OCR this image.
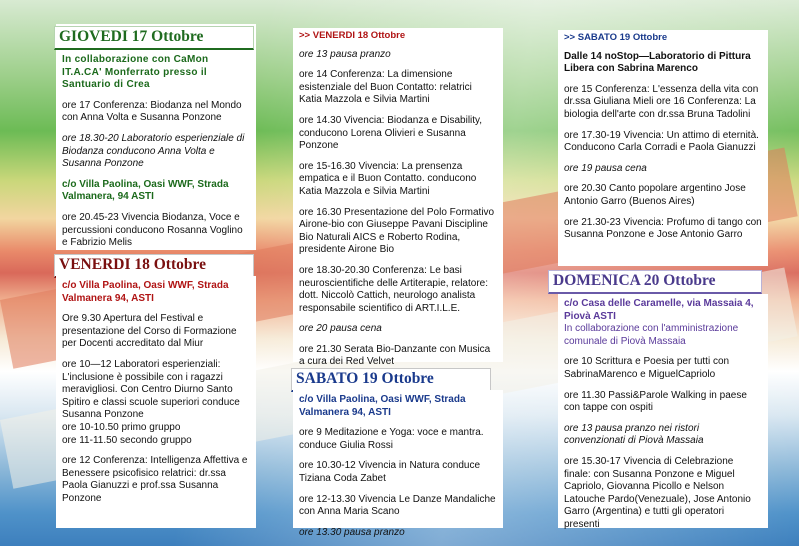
GIOVEDI 17 Ottobre
In collaborazione con CaMon IT.A.CA' Monferrato presso il Santuario di Crea
ore 17 Conferenza: Biodanza nel Mondo con Anna Volta e Susanna Ponzone
ore 18.30-20 Laboratorio esperienziale di Biodanza conducono Anna Volta e Susanna Ponzone
c/o Villa Paolina, Oasi WWF, Strada Valmanera, 94 ASTI
ore 20.45-23 Vivencia Biodanza, Voce e percussioni conducono Rosanna Voglino e Fabrizio Melis
VENERDI 18 Ottobre
c/o Villa Paolina, Oasi WWF, Strada Valmanera 94, ASTI
Ore 9.30 Apertura del Festival e presentazione del Corso di Formazione per Docenti accreditato dal Miur
ore 10—12 Laboratori esperienziali: L'inclusione è possibile con i ragazzi meravigliosi. Con Centro Diurno Santo Spitiro e classi scuole superiori conduce Susanna Ponzone
ore 10-10.50 primo gruppo
ore 11-11.50 secondo gruppo
ore 12 Conferenza: Intelligenza Affettiva e Benessere psicofisico relatrici: dr.ssa Paola Gianuzzi e prof.ssa Susanna Ponzone
>> VENERDI 18 Ottobre
ore 13 pausa pranzo
ore 14 Conferenza: La dimensione esistenziale del Buon Contatto: relatrici Katia Mazzola e Silvia Martini
ore 14.30 Vivencia: Biodanza e Disability, conducono Lorena Olivieri e Susanna Ponzone
ore 15-16.30 Vivencia: La prensenza empatica e il Buon Contatto. conducono Katia Mazzola e Silvia Martini
ore 16.30 Presentazione del Polo Formativo Airone-bio con Giuseppe Pavani Discipline Bio Naturali AICS e Roberto Rodina, presidente Airone Bio
ore 18.30-20.30 Conferenza: Le basi neuroscientifiche delle Artiterapie, relatore: dott. Niccolò Cattich, neurologo analista responsabile scientifico di ART.I.L.E.
ore 20 pausa cena
ore 21.30 Serata Bio-Danzante con Musica a cura dei Red Velvet
SABATO 19 Ottobre
c/o Villa Paolina, Oasi WWF, Strada Valmanera 94, ASTI
ore 9 Meditazione e Yoga: voce e mantra. conduce Giulia Rossi
ore 10.30-12 Vivencia in Natura conduce Tiziana Coda Zabet
ore 12-13.30 Vivencia Le Danze Mandaliche con Anna Maria Scano
ore 13.30 pausa pranzo
>> SABATO 19 Ottobre
Dalle 14 noStop—Laboratorio di Pittura Libera con Sabrina Marenco
ore 15 Conferenza: L'essenza della vita con dr.ssa Giuliana Mieli ore 16 Conferenza: La biologia dell'arte con dr.ssa Bruna Tadolini
ore 17.30-19 Vivencia: Un attimo di eternità. Conducono Carla Corradi e Paola Gianuzzi
ore 19 pausa cena
ore 20.30 Canto popolare argentino Jose Antonio Garro (Buenos Aires)
ore 21.30-23 Vivencia: Profumo di tango con Susanna Ponzone e Jose Antonio Garro
DOMENICA 20 Ottobre
c/o Casa delle Caramelle, via Massaia 4, Piovà ASTI
In collaborazione con l'amministrazione comunale di Piovà Massaia
ore 10 Scrittura e Poesia per tutti con SabrinaMarenco e MiguelCapriolo
ore 11.30 Passi&Parole Walking in paese con tappe con ospiti
ore 13 pausa pranzo nei ristori convenzionati di Piovà Massaia
ore 15.30-17 Vivencia di Celebrazione finale: con Susanna Ponzone e Miguel Capriolo, Giovanna Picollo e Nelson Latouche Pardo(Venezuale), Jose Antonio Garro (Argentina) e tutti gli operatori presenti
